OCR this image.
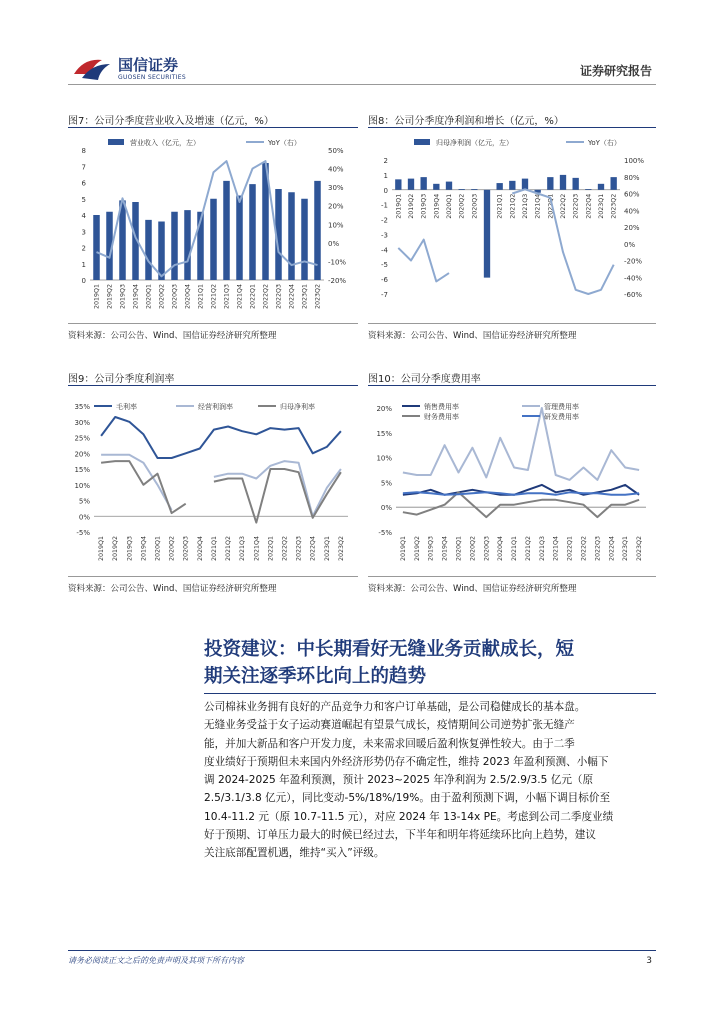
国信证券
GUOSEN SECURITIES	证券研究报告
图7：公司分季度营业收入及增速（亿元，%）
0
1
2
3
4
5
6
7
8
-20%
-10%
0%
10%
20%
30%
40%
50%
2019Q1 2019Q2 2019Q3 2019Q4 2020Q1 2020Q2 2020Q3 2020Q4 2021Q1 2021Q2 2021Q3 2021Q4 2022Q1 2022Q2 2022Q3 2022Q4 2023Q1 2023Q2
营业收入（亿元，左）	YoY（右）
资料来源：公司公告、Wind、国信证券经济研究所整理
图8：公司分季度净利润和增长（亿元，%）
-7
-6
-5
-4
-3
-2
-1
0
1
2
-60%
-40%
-20%
0%
20%
40%
60%
80%
100%
2019Q1 2019Q2 2019Q3 2019Q4 2020Q1 2020Q2 2020Q3	2021Q1 2021Q2 2021Q3 2021Q4 2022Q1 2022Q2 2022Q3 2022Q4 2023Q1 2023Q2
归母净利润（亿元，左）	YoY（右）
资料来源：公司公告、Wind、国信证券经济研究所整理
图9：公司分季度利润率
-5%
0%
5%
10%
15%
20%
25%
30%
35%
2019Q1 2019Q2 2019Q3 2019Q4 2020Q1 2020Q2 2020Q3 2020Q4 2021Q1 2021Q2 2021Q3 2021Q4 2022Q1 2022Q2 2022Q3 2022Q4 2023Q1 2023Q2
毛利率	经营利润率	归母净利率
资料来源：公司公告、Wind、国信证券经济研究所整理
图10：公司分季度费用率
-5%
0%
5%
10%
15%
20%
2019Q1 2019Q2 2019Q3 2019Q4 2020Q1 2020Q2 2020Q3 2020Q4 2021Q1 2021Q2 2021Q3 2021Q4 2022Q1 2022Q2 2022Q3 2022Q4 2023Q1 2023Q2
销售费用率	管理费用率
财务费用率	研发费用率
资料来源：公司公告、Wind、国信证券经济研究所整理
投资建议：中长期看好无缝业务贡献成长，短
期关注逐季环比向上的趋势
公司棉袜业务拥有良好的产品竞争力和客户订单基础，是公司稳健成长的基本盘。
无缝业务受益于女子运动赛道崛起有望景气成长，疫情期间公司逆势扩张无缝产
能，并加大新品和客户开发力度，未来需求回暖后盈利恢复弹性较大。由于二季
度业绩好于预期但未来国内外经济形势仍存不确定性，维持 2023 年盈利预测、小幅下
调 2024-2025 年盈利预测，预计 2023~2025 年净利润为 2.5/2.9/3.5 亿元（原
2.5/3.1/3.8 亿元），同比变动-5%/18%/19%。由于盈利预测下调，小幅下调目标价至
10.4-11.2 元（原 10.7-11.5 元），对应 2024 年 13-14x PE。考虑到公司二季度业绩
好于预期、订单压力最大的时候已经过去，下半年和明年将延续环比向上趋势，建议
关注底部配置机遇，维持“买入”评级。
请务必阅读正文之后的免责声明及其项下所有内容	3
